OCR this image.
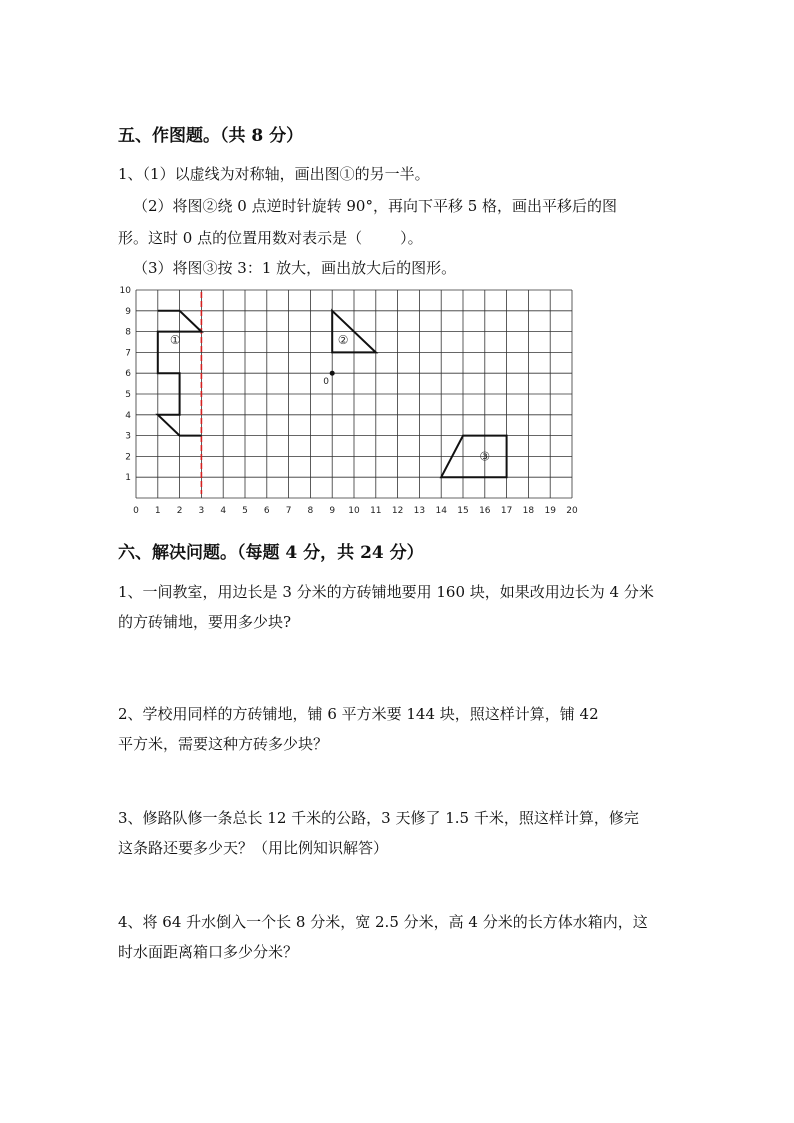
五、作图题。（共 8 分）
1、（1）以虚线为对称轴，画出图①的另一半。
（2）将图②绕 0 点逆时针旋转 90°，再向下平移 5 格，画出平移后的图
形。这时 0 点的位置用数对表示是（	）。
（3）将图③按 3：1 放大，画出放大后的图形。
0 1 2 3 4 5 6 7 8 9 10 11 12 13 14 15 16 17 18 19 20
1
2
3
4
5
6
7
8
9
10
0
①	②
③
六、解决问题。（每题 4 分，共 24 分）
1、一间教室，用边长是 3 分米的方砖铺地要用 160 块，如果改用边长为 4 分米
的方砖铺地，要用多少块?
2、学校用同样的方砖铺地，铺 6 平方米要 144 块，照这样计算，铺 42
平方米，需要这种方砖多少块？
3、修路队修一条总长 12 千米的公路，3 天修了 1.5 千米，照这样计算，修完
这条路还要多少天？（用比例知识解答）
4、将 64 升水倒入一个长 8 分米，宽 2.5 分米，高 4 分米的长方体水箱内，这
时水面距离箱口多少分米？
